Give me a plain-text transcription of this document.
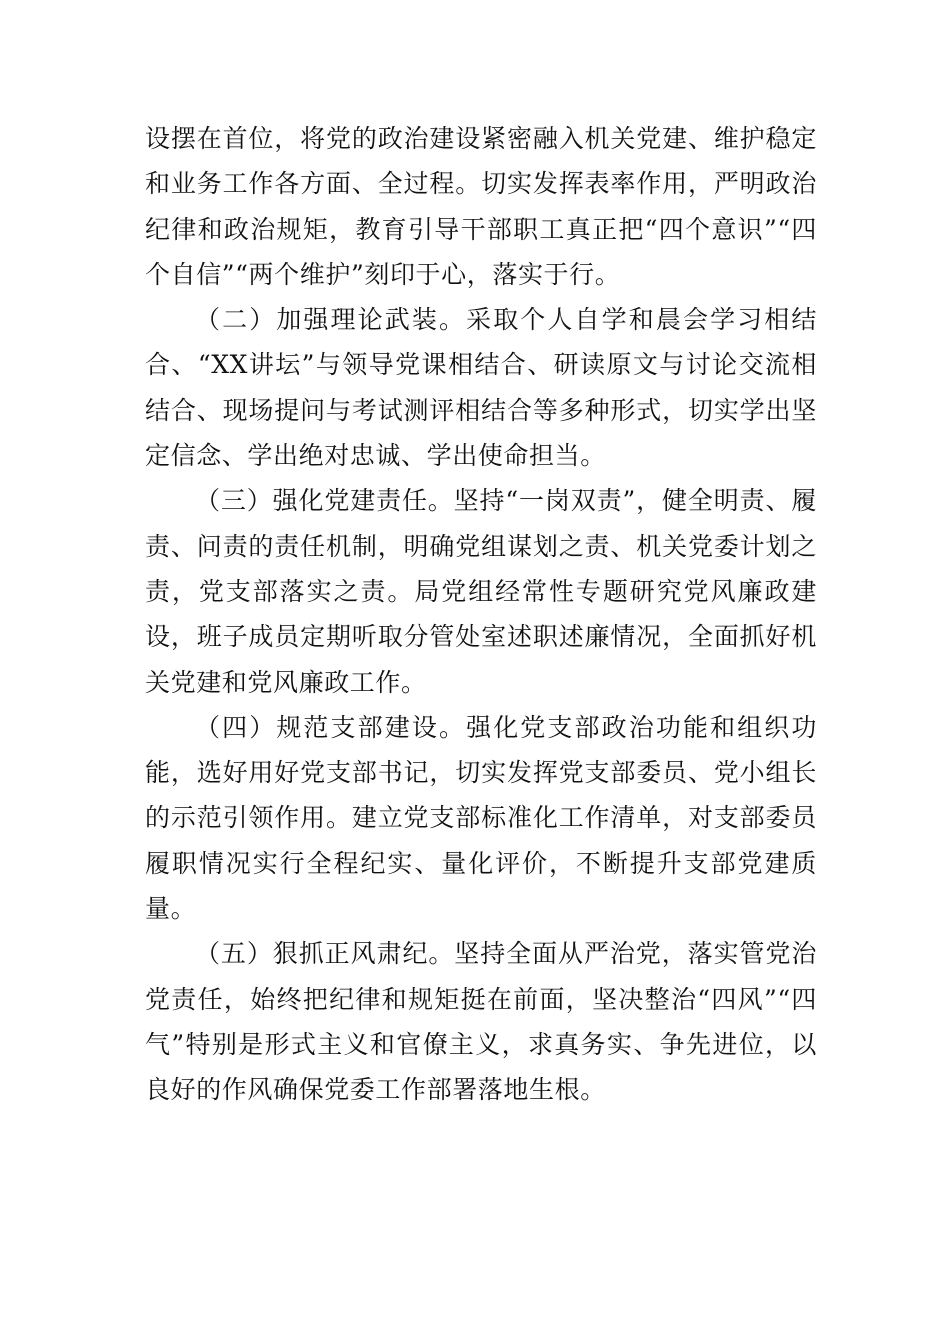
设摆在首位，将党的政治建设紧密融入机关党建、维护稳定和业务工作各方面、全过程。切实发挥表率作用，严明政治纪律和政治规矩，教育引导干部职工真正把“四个意识”“四个自信”“两个维护”刻印于心，落实于行。

（二）加强理论武装。采取个人自学和晨会学习相结合、“XX讲坛”与领导党课相结合、研读原文与讨论交流相结合、现场提问与考试测评相结合等多种形式，切实学出坚定信念、学出绝对忠诚、学出使命担当。

（三）强化党建责任。坚持“一岗双责”，健全明责、履责、问责的责任机制，明确党组谋划之责、机关党委计划之责，党支部落实之责。局党组经常性专题研究党风廉政建设，班子成员定期听取分管处室述职述廉情况，全面抓好机关党建和党风廉政工作。

（四）规范支部建设。强化党支部政治功能和组织功能，选好用好党支部书记，切实发挥党支部委员、党小组长的示范引领作用。建立党支部标准化工作清单，对支部委员履职情况实行全程纪实、量化评价，不断提升支部党建质量。

（五）狠抓正风肃纪。坚持全面从严治党，落实管党治党责任，始终把纪律和规矩挺在前面，坚决整治“四风”“四气”特别是形式主义和官僚主义，求真务实、争先进位，以良好的作风确保党委工作部署落地生根。
